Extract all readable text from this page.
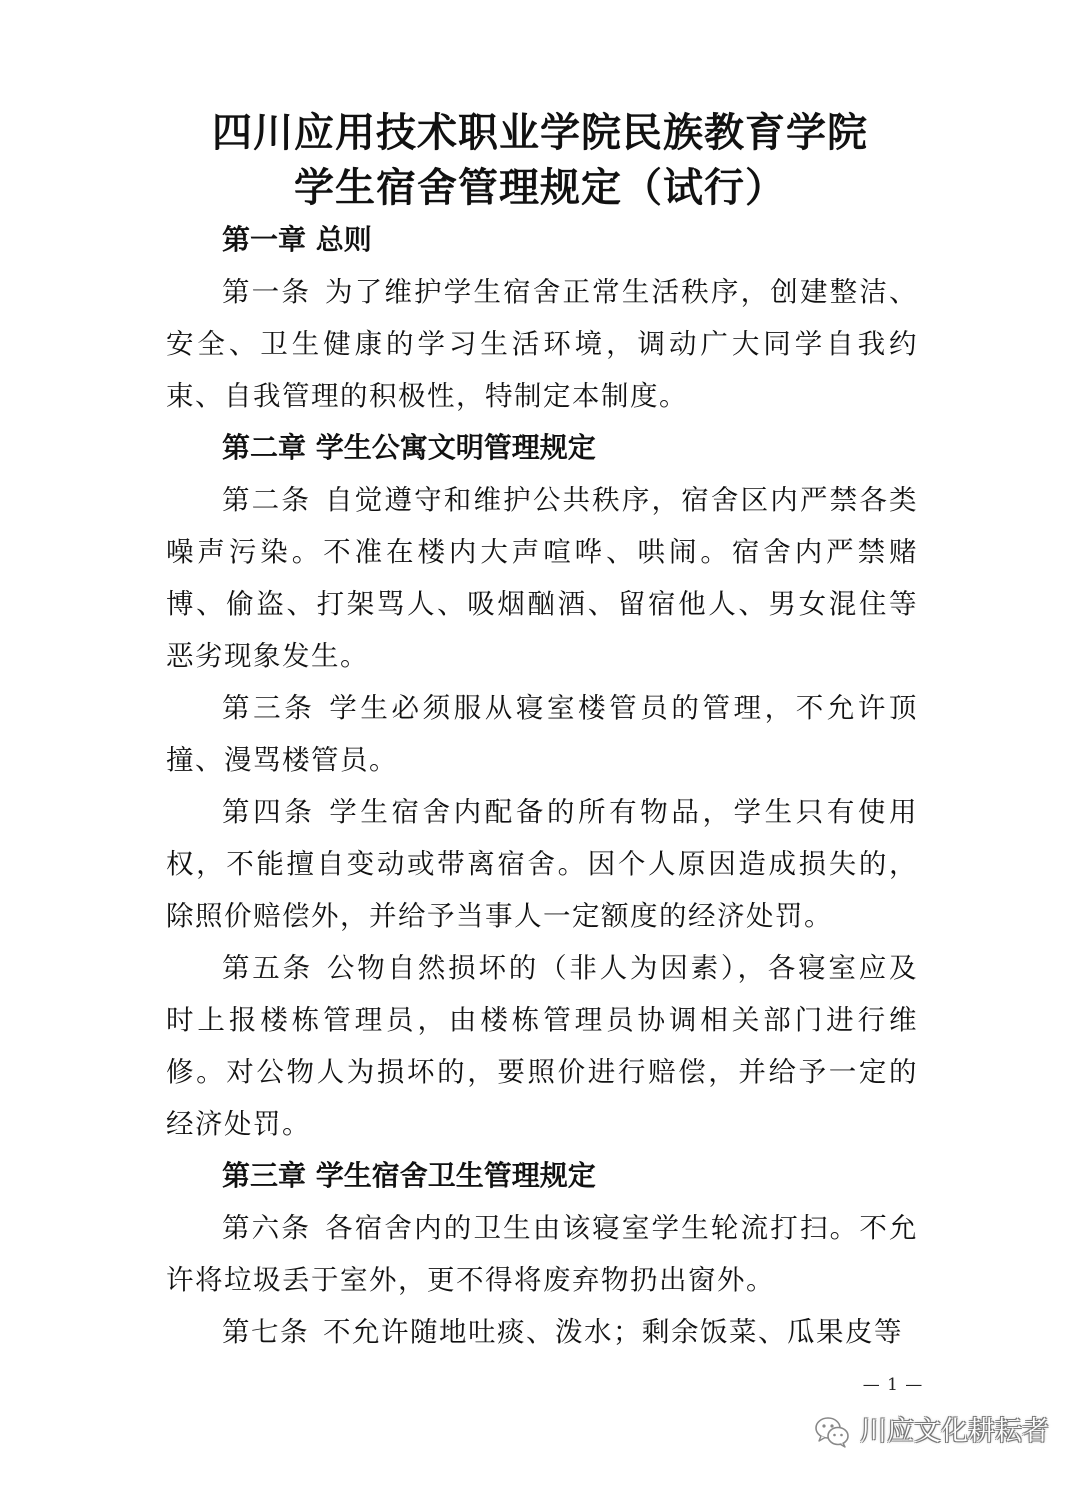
四川应用技术职业学院民族教育学院
学生宿舍管理规定（试行）
第一章 总则

第一条 为了维护学生宿舍正常生活秩序，创建整洁、安全、卫生健康的学习生活环境，调动广大同学自我约束、自我管理的积极性，特制定本制度。

第二章 学生公寓文明管理规定

第二条 自觉遵守和维护公共秩序，宿舍区内严禁各类噪声污染。不准在楼内大声喧哗、哄闹。宿舍内严禁赌博、偷盗、打架骂人、吸烟酗酒、留宿他人、男女混住等恶劣现象发生。

第三条 学生必须服从寝室楼管员的管理，不允许顶撞、漫骂楼管员。

第四条 学生宿舍内配备的所有物品，学生只有使用权，不能擅自变动或带离宿舍。因个人原因造成损失的，除照价赔偿外，并给予当事人一定额度的经济处罚。

第五条 公物自然损坏的（非人为因素），各寝室应及时上报楼栋管理员，由楼栋管理员协调相关部门进行维修。对公物人为损坏的，要照价进行赔偿，并给予一定的经济处罚。

第三章 学生宿舍卫生管理规定

第六条 各宿舍内的卫生由该寝室学生轮流打扫。不允许将垃圾丢于室外，更不得将废弃物扔出窗外。

第七条 不允许随地吐痰、泼水；剩余饭菜、瓜果皮等

— 1 —
川应文化耕耘者
